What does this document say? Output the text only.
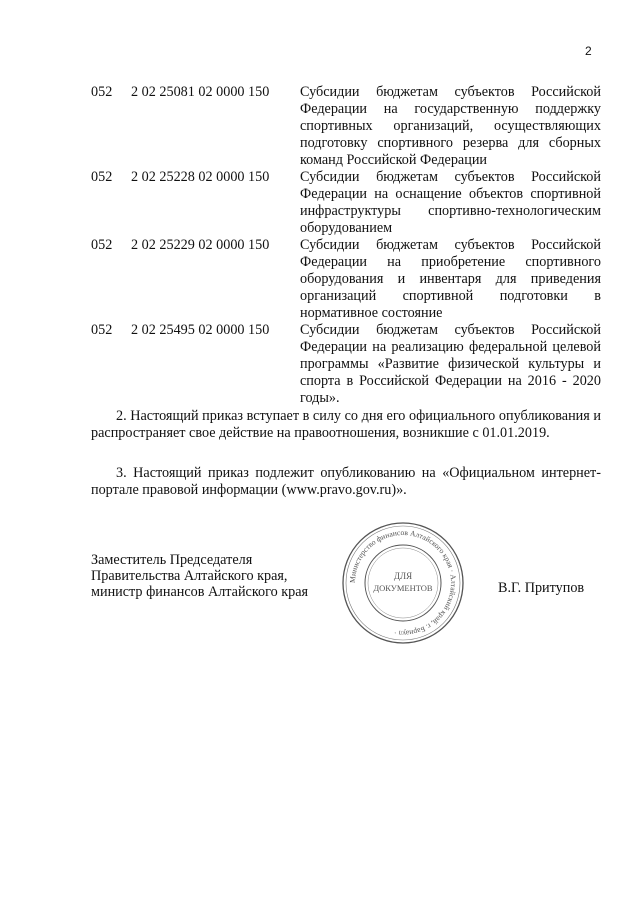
2
052	2 02 25081 02 0000 150	Субсидии бюджетам субъектов Российской Федерации на государственную поддержку спортивных организаций, осуществляющих подготовку спортивного резерва для сборных команд Российской Федерации
052	2 02 25228 02 0000 150	Субсидии бюджетам субъектов Российской Федерации на оснащение объектов спортивной инфраструктуры спортивно-технологическим оборудованием
052	2 02 25229 02 0000 150	Субсидии бюджетам субъектов Российской Федерации на приобретение спортивного оборудования и инвентаря для приведения организаций спортивной подготовки в нормативное состояние
052	2 02 25495 02 0000 150	Субсидии бюджетам субъектов Российской Федерации на реализацию федеральной целевой программы «Развитие физической культуры и спорта в Российской Федерации на 2016 - 2020 годы».

2. Настоящий приказ вступает в силу со дня его официального опубликования и распространяет свое действие на правоотношения, возникшие с 01.01.2019.

3. Настоящий приказ подлежит опубликованию на «Официальном интернет-портале правовой информации (www.pravo.gov.ru)».

Заместитель Председателя
Правительства Алтайского края,
министр финансов Алтайского края	В.Г. Притупов
Министерство финансов Алтайского края · Алтайский край, г. Барнаул ·
ДЛЯ
ДОКУМЕНТОВ
